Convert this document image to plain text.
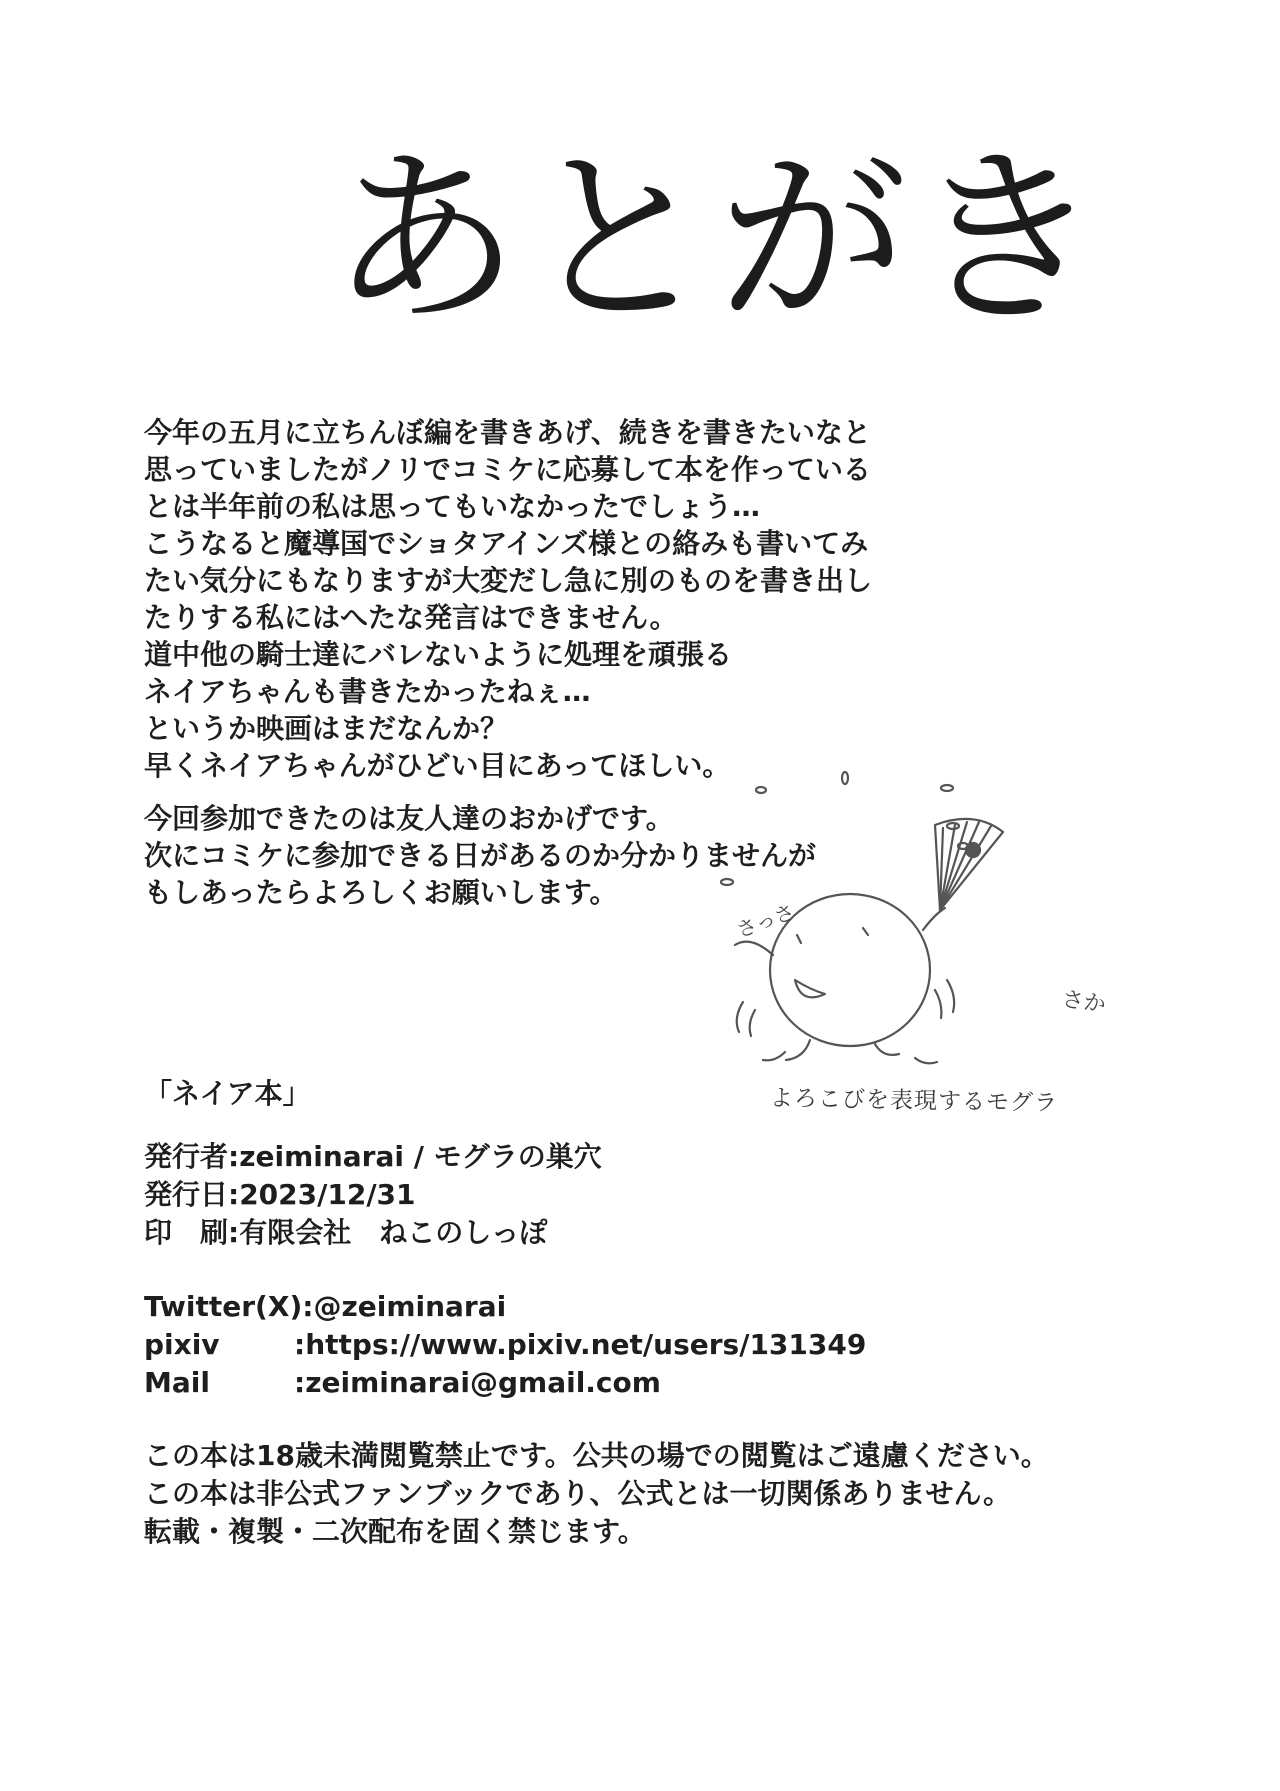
あとがき
今年の五月に立ちんぼ編を書きあげ、続きを書きたいなと
思っていましたがノリでコミケに応募して本を作っている
とは半年前の私は思ってもいなかったでしょう…
こうなると魔導国でショタアインズ様との絡みも書いてみ
たい気分にもなりますが大変だし急に別のものを書き出し
たりする私にはへたな発言はできません。
道中他の騎士達にバレないように処理を頑張る
ネイアちゃんも書きたかったねぇ…
というか映画はまだなんか？
早くネイアちゃんがひどい目にあってほしい。
今回参加できたのは友人達のおかげです。
次にコミケに参加できる日があるのか分かりませんが
もしあったらよろしくお願いします。
さっさ
さか
よろこびを表現するモグラ
「ネイア本」
発行者:zeiminarai / モグラの巣穴
発行日:2023/12/31
印　刷:有限会社　ねこのしっぽ
Twitter(X):@zeiminarai
pixiv	:https://www.pixiv.net/users/131349
Mail	:zeiminarai@gmail.com
この本は18歳未満閲覧禁止です。公共の場での閲覧はご遠慮ください。
この本は非公式ファンブックであり、公式とは一切関係ありません。
転載・複製・二次配布を固く禁じます。
